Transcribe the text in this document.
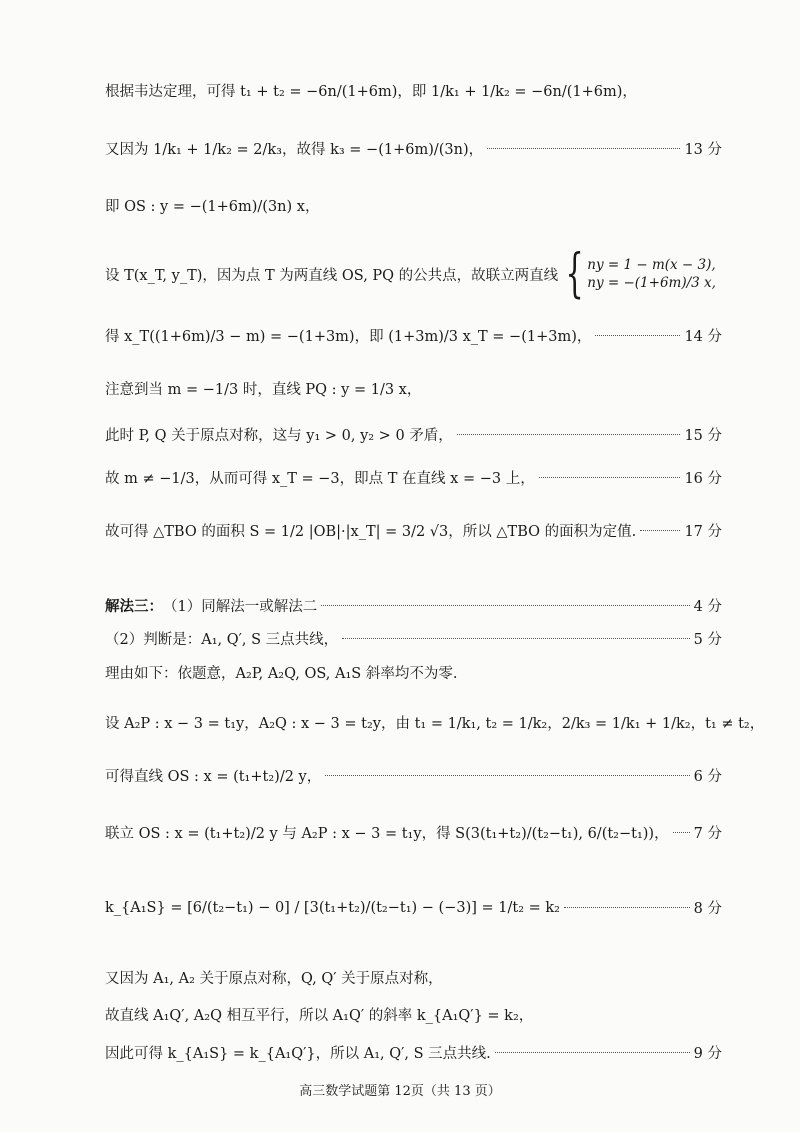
根据韦达定理，可得 t₁ + t₂ = −6n/(1+6m)，即 1/k₁ + 1/k₂ = −6n/(1+6m)，
又因为 1/k₁ + 1/k₂ = 2/k₃，故得 k₃ = −(1+6m)/(3n)，	13 分
即 OS : y = −(1+6m)/(3n) x，
设 T(x_T, y_T)，因为点 T 为两直线 OS, PQ 的公共点，故联立两直线 { ny = 1 − m(x − 3),
ny = −(1+6m)/3 x,
得 x_T((1+6m)/3 − m) = −(1+3m)，即 (1+3m)/3 x_T = −(1+3m)，	14 分
注意到当 m = −1/3 时，直线 PQ : y = 1/3 x，
此时 P, Q 关于原点对称，这与 y₁ > 0, y₂ > 0 矛盾，	15 分
故 m ≠ −1/3，从而可得 x_T = −3，即点 T 在直线 x = −3 上，	16 分
故可得 △TBO 的面积 S = 1/2 |OB|·|x_T| = 3/2 √3，所以 △TBO 的面积为定值.	17 分
解法三： （1）同解法一或解法二	4 分
（2）判断是：A₁, Q′, S 三点共线，	5 分
理由如下：依题意，A₂P, A₂Q, OS, A₁S 斜率均不为零.
设 A₂P : x − 3 = t₁y，A₂Q : x − 3 = t₂y，由 t₁ = 1/k₁, t₂ = 1/k₂，2/k₃ = 1/k₁ + 1/k₂，t₁ ≠ t₂，
可得直线 OS : x = (t₁+t₂)/2 y，	6 分
联立 OS : x = (t₁+t₂)/2 y 与 A₂P : x − 3 = t₁y，得 S(3(t₁+t₂)/(t₂−t₁), 6/(t₂−t₁))， 7 分
k_{A₁S} = [6/(t₂−t₁) − 0] / [3(t₁+t₂)/(t₂−t₁) − (−3)] = 1/t₂ = k₂	8 分
又因为 A₁, A₂ 关于原点对称，Q, Q′ 关于原点对称，
故直线 A₁Q′, A₂Q 相互平行，所以 A₁Q′ 的斜率 k_{A₁Q′} = k₂，
因此可得 k_{A₁S} = k_{A₁Q′}，所以 A₁, Q′, S 三点共线.	9 分
高三数学试题第 12页（共 13 页）
